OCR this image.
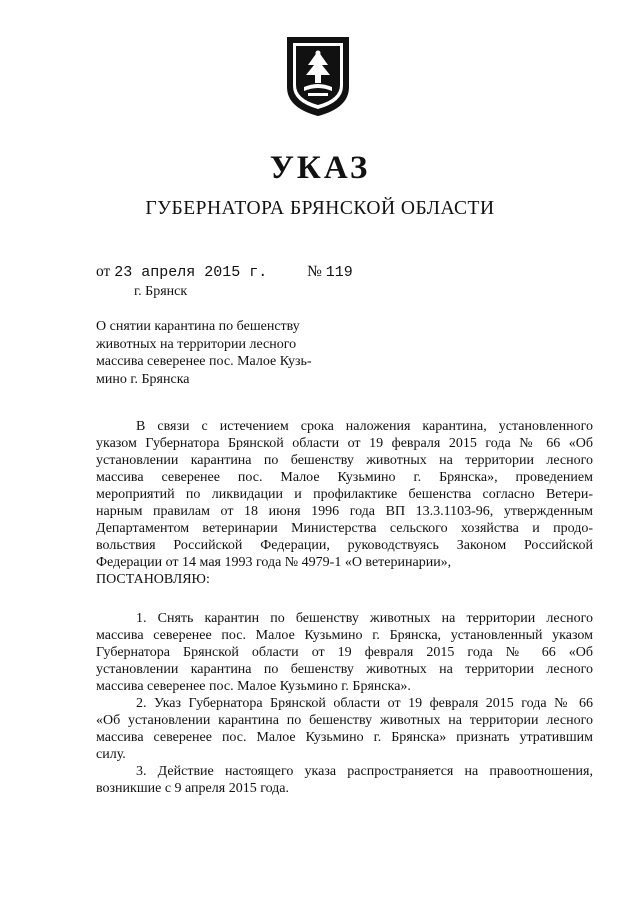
УКАЗ
ГУБЕРНАТОРА БРЯНСКОЙ ОБЛАСТИ
от 23 апреля 2015 г.	№ 119
г. Брянск
О снятии карантина по бешенству
животных на территории лесного
массива северенее пос. Малое Кузь-
мино г. Брянска
В связи с истечением срока наложения карантина, установленного
указом Губернатора Брянской области от 19 февраля 2015 года № 66 «Об
установлении карантина по бешенству животных на территории лесного
массива северенее пос. Малое Кузьмино г. Брянска», проведением
мероприятий по ликвидации и профилактике бешенства согласно Ветери-
нарным правилам от 18 июня 1996 года ВП 13.3.1103-96, утвержденным
Департаментом ветеринарии Министерства сельского хозяйства и продо-
вольствия Российской Федерации, руководствуясь Законом Российской
Федерации от 14 мая 1993 года № 4979-1 «О ветеринарии»,
ПОСТАНОВЛЯЮ:
1. Снять карантин по бешенству животных на территории лесного
массива северенее пос. Малое Кузьмино г. Брянска, установленный указом
Губернатора Брянской области от 19 февраля 2015 года № 66 «Об
установлении карантина по бешенству животных на территории лесного
массива северенее пос. Малое Кузьмино г. Брянска».
2. Указ Губернатора Брянской области от 19 февраля 2015 года № 66
«Об установлении карантина по бешенству животных на территории лесного
массива северенее пос. Малое Кузьмино г. Брянска» признать утратившим
силу.
3. Действие настоящего указа распространяется на правоотношения,
возникшие с 9 апреля 2015 года.
